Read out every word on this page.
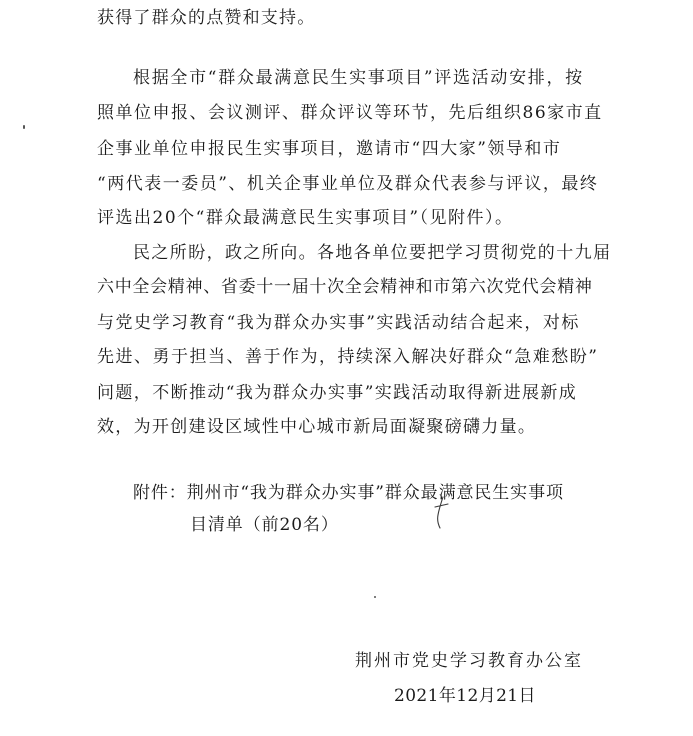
获得了群众的点赞和支持。
根据全市“群众最满意民生实事项目”评选活动安排，按
照单位申报、会议测评、群众评议等环节，先后组织86家市直
企事业单位申报民生实事项目，邀请市“四大家”领导和市
“两代表一委员”、机关企事业单位及群众代表参与评议，最终
评选出20个“群众最满意民生实事项目”（见附件）。
民之所盼，政之所向。各地各单位要把学习贯彻党的十九届
六中全会精神、省委十一届十次全会精神和市第六次党代会精神
与党史学习教育“我为群众办实事”实践活动结合起来，对标
先进、勇于担当、善于作为，持续深入解决好群众“急难愁盼”
问题，不断推动“我为群众办实事”实践活动取得新进展新成
效，为开创建设区域性中心城市新局面凝聚磅礴力量。
附件：荆州市“我为群众办实事”群众最满意民生实事项
目清单（前20名）
荆州市党史学习教育办公室
2021年12月21日
